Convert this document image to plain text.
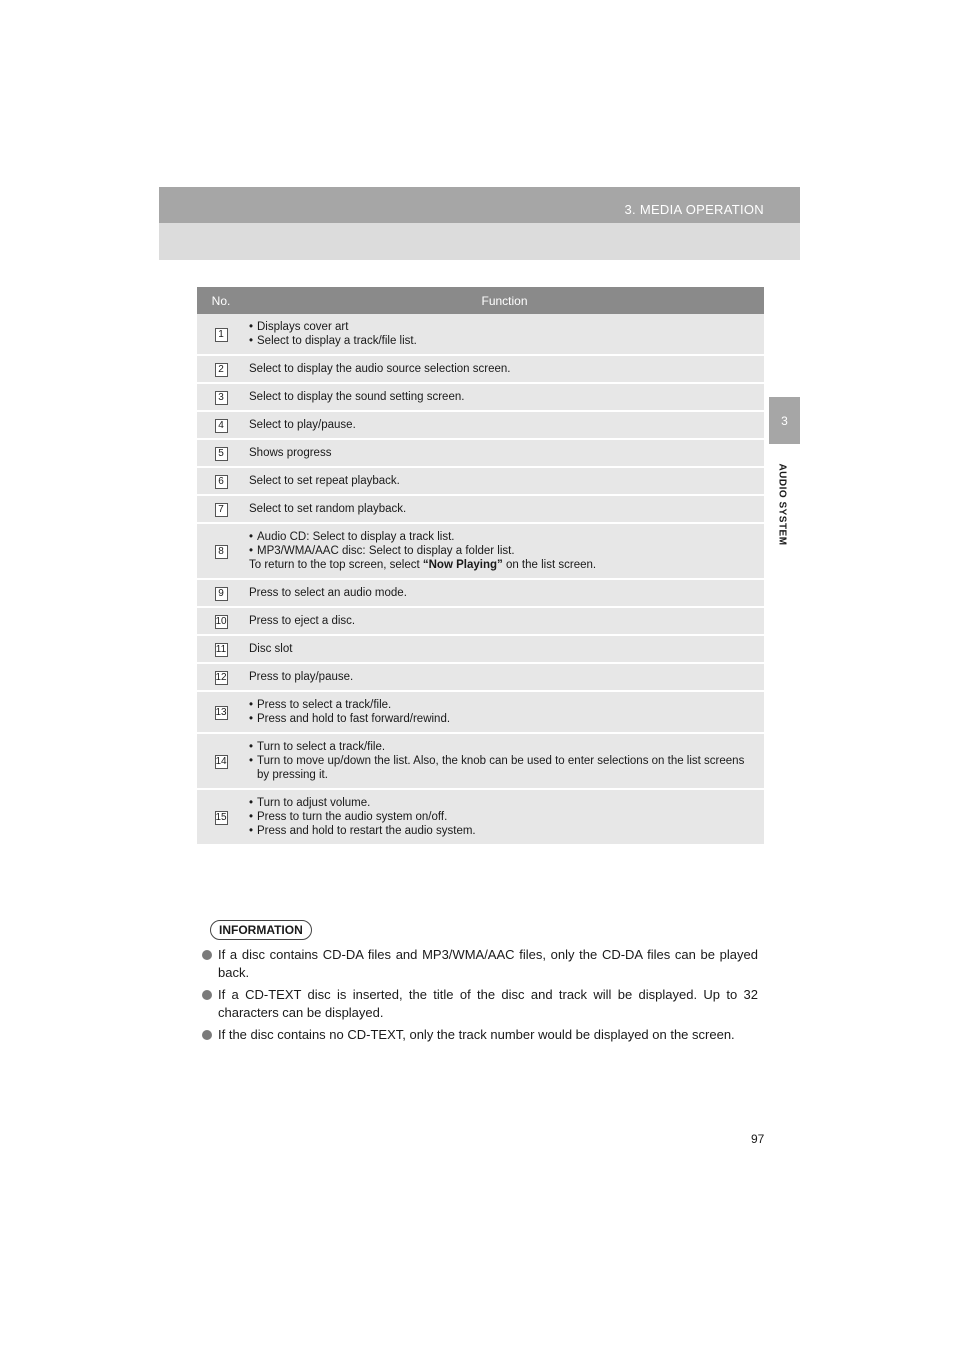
3. MEDIA OPERATION
3
AUDIO SYSTEM
No.	Function
1	• Displays cover art
• Select to display a track/file list.

2	Select to display the audio source selection screen.

3	Select to display the sound setting screen.

4	Select to play/pause.

5	Shows progress

6	Select to set repeat playback.

7	Select to set random playback.

8	• Audio CD: Select to display a track list.
• MP3/WMA/AAC disc: Select to display a folder list.
To return to the top screen, select “Now Playing” on the list screen.

9	Press to select an audio mode.

10	Press to eject a disc.

11	Disc slot

12	Press to play/pause.

13	• Press to select a track/file.
• Press and hold to fast forward/rewind.

14	• Turn to select a track/file.
• Turn to move up/down the list. Also, the knob can be used to enter selections on the list screens by pressing it.

15	• Turn to adjust volume.
• Press to turn the audio system on/off.
• Press and hold to restart the audio system.
INFORMATION
If a disc contains CD-DA files and MP3/WMA/AAC files, only the CD-DA files can be played back.
If a CD-TEXT disc is inserted, the title of the disc and track will be displayed. Up to 32 characters can be displayed.
If the disc contains no CD-TEXT, only the track number would be displayed on the screen.
97
